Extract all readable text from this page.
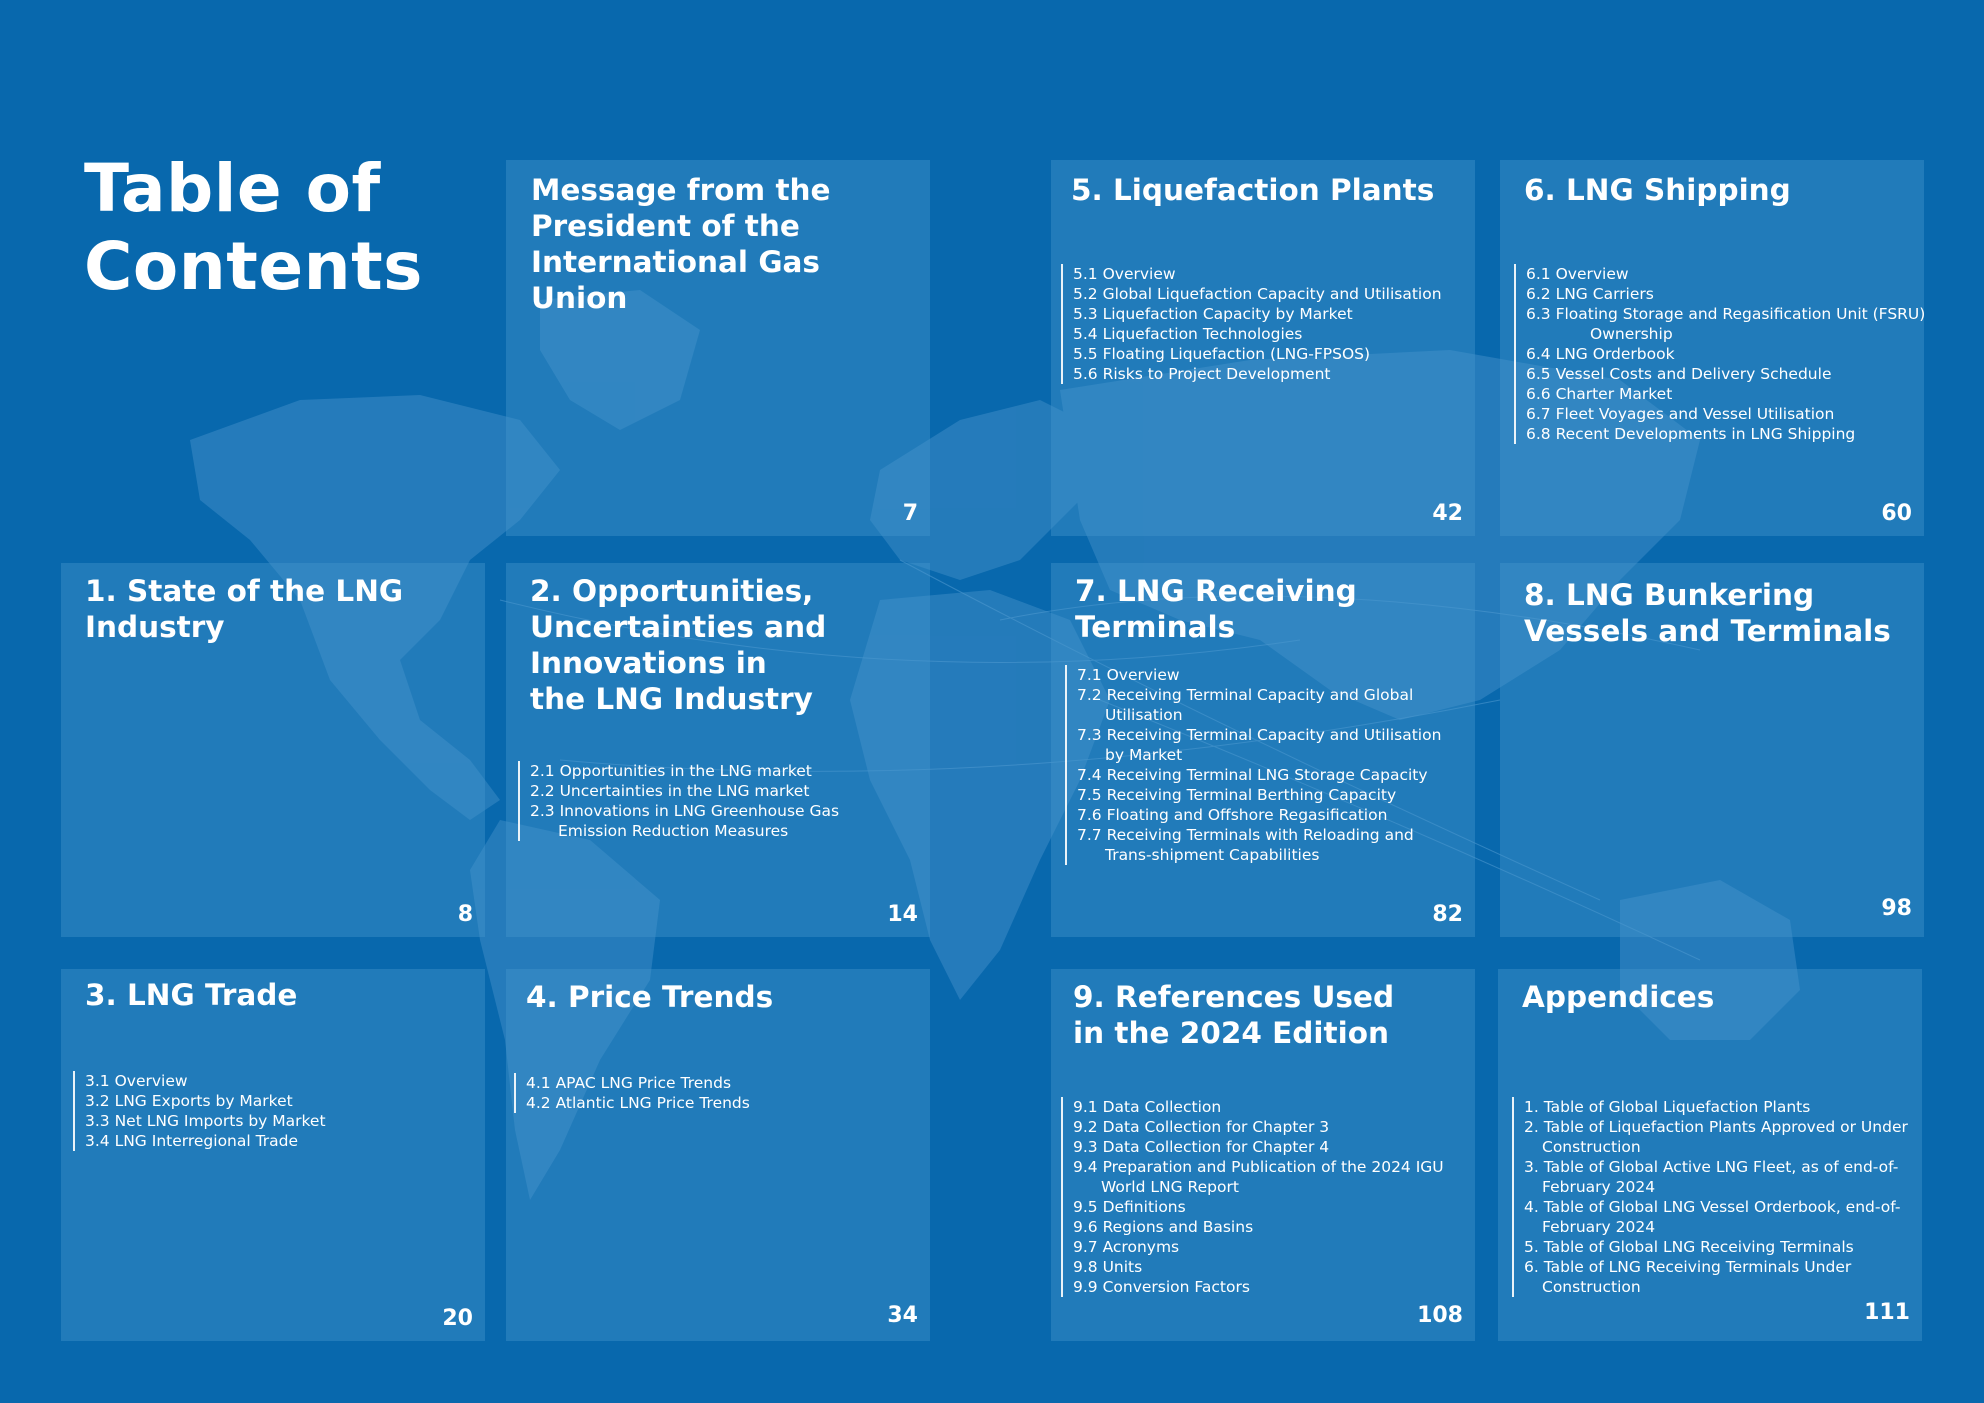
Table of
Contents
Message from the President of the International Gas Union
7
5. Liquefaction Plants
5.1 Overview
5.2 Global Liquefaction Capacity and Utilisation
5.3 Liquefaction Capacity by Market
5.4 Liquefaction Technologies
5.5 Floating Liquefaction (LNG-FPSOS)
5.6 Risks to Project Development
42
6. LNG Shipping
6.1 Overview
6.2 LNG Carriers
6.3 Floating Storage and Regasification Unit (FSRU) Ownership
6.4 LNG Orderbook
6.5 Vessel Costs and Delivery Schedule
6.6 Charter Market
6.7 Fleet Voyages and Vessel Utilisation
6.8 Recent Developments in LNG Shipping
60
1. State of the LNG Industry
8
2. Opportunities, Uncertainties and Innovations in the LNG Industry
2.1 Opportunities in the LNG market
2.2 Uncertainties in the LNG market
2.3 Innovations in LNG Greenhouse Gas Emission Reduction Measures
14
7. LNG Receiving Terminals
7.1 Overview
7.2 Receiving Terminal Capacity and Global Utilisation
7.3 Receiving Terminal Capacity and Utilisation by Market
7.4 Receiving Terminal LNG Storage Capacity
7.5 Receiving Terminal Berthing Capacity
7.6 Floating and Offshore Regasification
7.7 Receiving Terminals with Reloading and Trans-shipment Capabilities
82
8. LNG Bunkering Vessels and Terminals
98
3. LNG Trade
3.1 Overview
3.2 LNG Exports by Market
3.3 Net LNG Imports by Market
3.4 LNG Interregional Trade
20
4. Price Trends
4.1 APAC LNG Price Trends
4.2 Atlantic LNG Price Trends
34
9. References Used in the 2024 Edition
9.1 Data Collection
9.2 Data Collection for Chapter 3
9.3 Data Collection for Chapter 4
9.4 Preparation and Publication of the 2024 IGU World LNG Report
9.5 Definitions
9.6 Regions and Basins
9.7 Acronyms
9.8 Units
9.9 Conversion Factors
108
Appendices
1. Table of Global Liquefaction Plants
2. Table of Liquefaction Plants Approved or Under Construction
3. Table of Global Active LNG Fleet, as of end-of-February 2024
4. Table of Global LNG Vessel Orderbook, end-of-February 2024
5. Table of Global LNG Receiving Terminals
6. Table of LNG Receiving Terminals Under Construction
111
